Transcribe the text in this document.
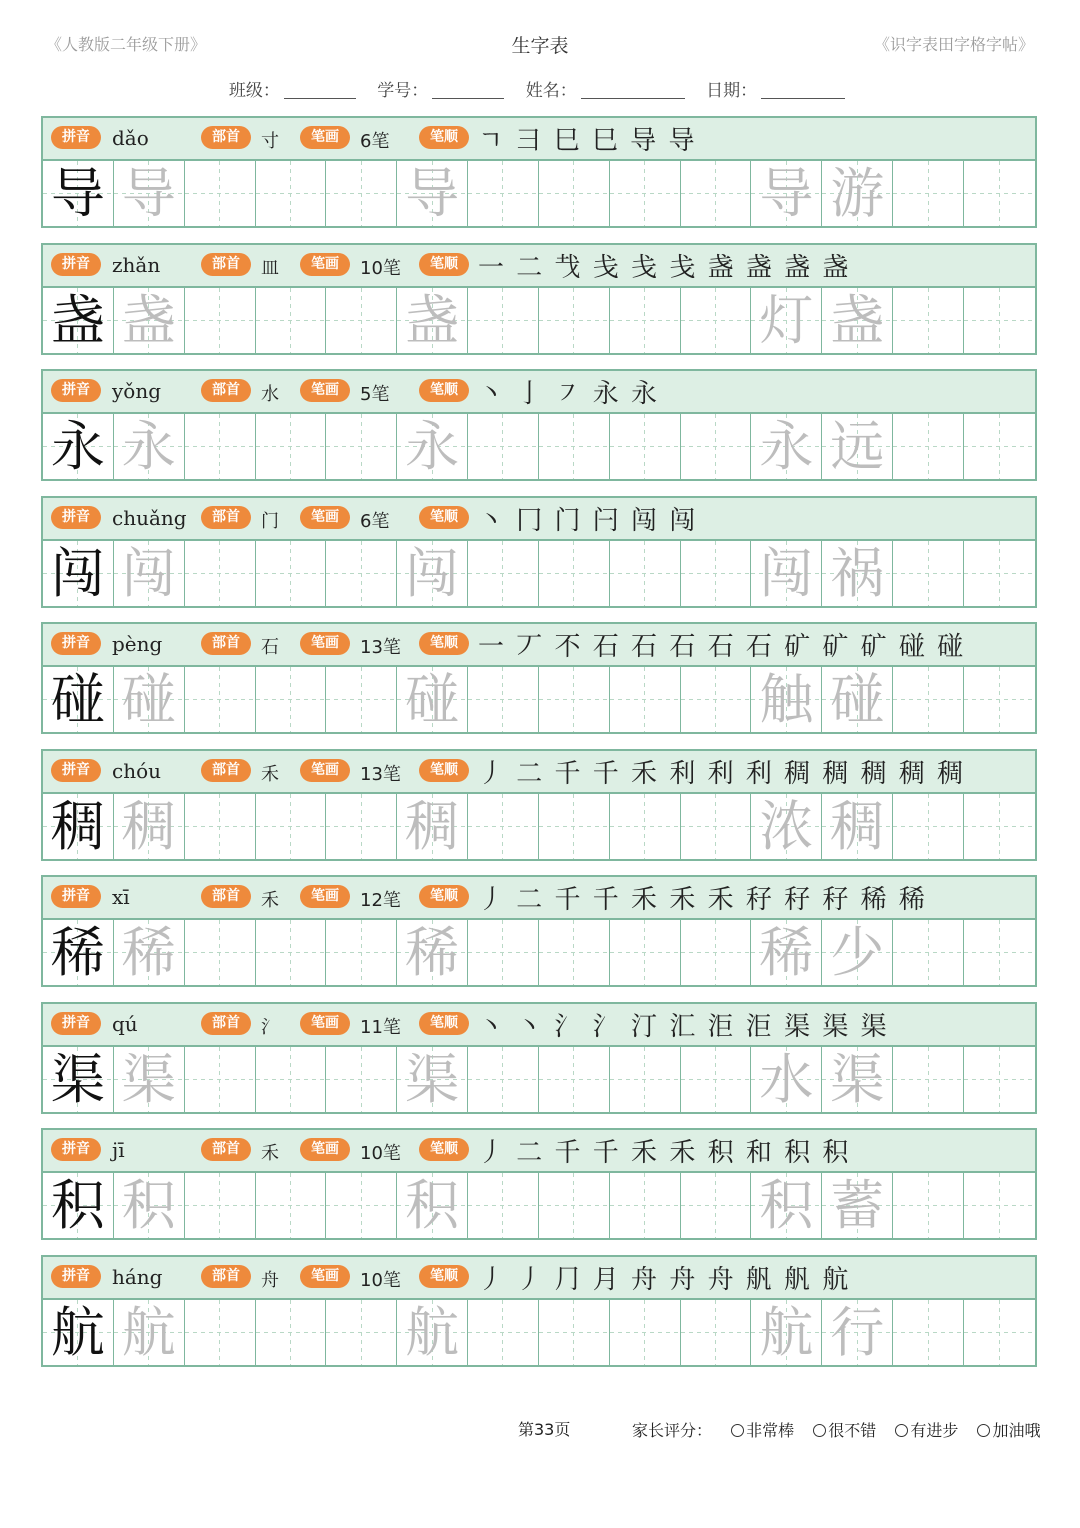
《人教版二年级下册》	生字表	《识字表田字格字帖》
班级：	学号：	姓名：	日期：
拼音	dǎo	部首	寸	笔画	6笔	笔顺 ㄱ ⺕ 巳 巳 导 导
导 导	导	导 游
拼音	zhǎn	部首	皿	笔画	10笔	笔顺 一 二 𢦏 戋 戋 戋 盏 盏 盏 盏
盏 盏	盏	灯 盏
拼音	yǒng	部首	水	笔画	5笔	笔顺 丶 亅 ㇇ 永 永
永 永	永	永 远
拼音	chuǎng	部首	门	笔画	6笔	笔顺 丶 冂 门 闩 闯 闯
闯 闯	闯	闯 祸
拼音	pèng	部首	石	笔画	13笔	笔顺 一 丆 不 石 石 石 石 石 矿 矿 矿 碰 碰
碰 碰	碰	触 碰
拼音	chóu	部首	禾	笔画	13笔	笔顺 丿 二 千 千 禾 利 利 利 稠 稠 稠 稠 稠
稠 稠	稠	浓 稠
拼音	xī	部首	禾	笔画	12笔	笔顺 丿 二 千 千 禾 禾 禾 秄 秄 秄 稀 稀
稀 稀	稀	稀 少
拼音	qú	部首	氵	笔画	11笔	笔顺 丶 丶 氵 氵 汀 汇 洰 洰 渠 渠 渠
渠 渠	渠	水 渠
拼音	jī	部首	禾	笔画	10笔	笔顺 丿 二 千 千 禾 禾 积 和 积 积
积 积	积	积 蓄
拼音	háng	部首	舟	笔画	10笔	笔顺 丿 丿 ⺆ 月 舟 舟 舟 舤 舤 航
航 航	航	航 行
第33页	家长评分： 非常棒 很不错 有进步 加油哦
